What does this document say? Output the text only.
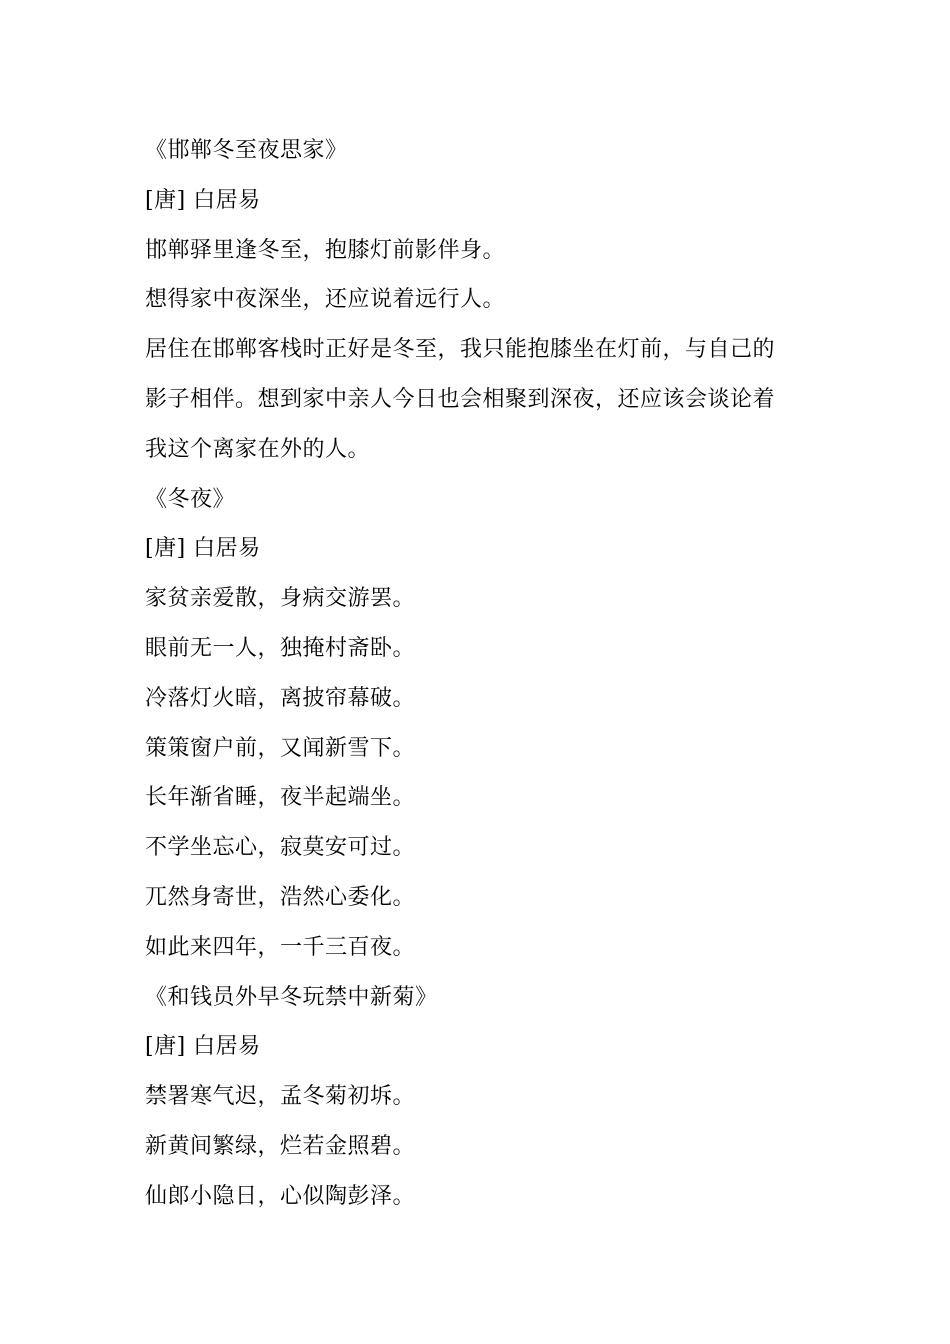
《邯郸冬至夜思家》
[唐] 白居易
邯郸驿里逢冬至，抱膝灯前影伴身。
想得家中夜深坐，还应说着远行人。
居住在邯郸客栈时正好是冬至，我只能抱膝坐在灯前，与自己的
影子相伴。想到家中亲人今日也会相聚到深夜，还应该会谈论着
我这个离家在外的人。
《冬夜》
[唐] 白居易
家贫亲爱散，身病交游罢。
眼前无一人，独掩村斋卧。
冷落灯火暗，离披帘幕破。
策策窗户前，又闻新雪下。
长年渐省睡，夜半起端坐。
不学坐忘心，寂莫安可过。
兀然身寄世，浩然心委化。
如此来四年，一千三百夜。
《和钱员外早冬玩禁中新菊》
[唐] 白居易
禁署寒气迟，孟冬菊初坼。
新黄间繁绿，烂若金照碧。
仙郎小隐日，心似陶彭泽。
